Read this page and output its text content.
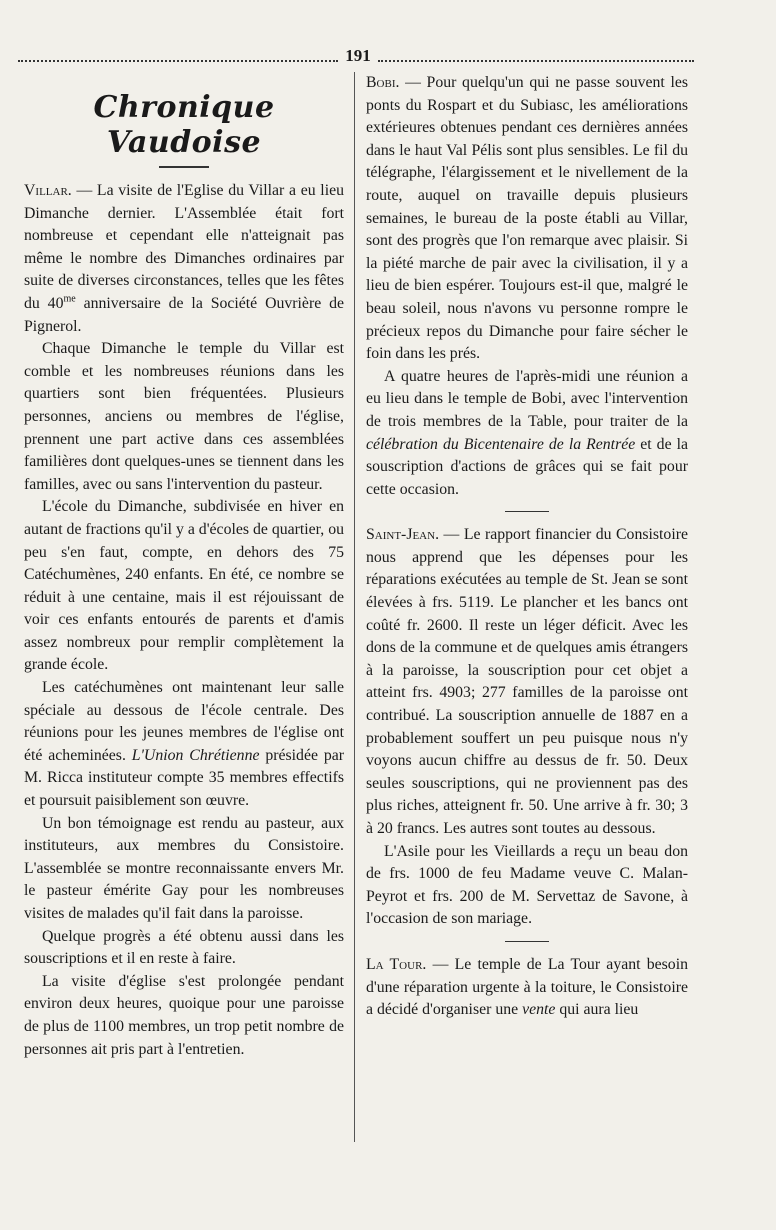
191
Chronique Vaudoise

Villar. — La visite de l'Eglise du Villar a eu lieu Dimanche dernier. L'Assemblée était fort nombreuse et cependant elle n'atteignait pas même le nombre des Dimanches ordinaires par suite de diverses circonstances, telles que les fêtes du $40^{me}$ anniversaire de la Société Ouvrière de Pignerol.

Chaque Dimanche le temple du Villar est comble et les nombreuses réunions dans les quartiers sont bien fréquentées. Plusieurs personnes, anciens ou membres de l'église, prennent une part active dans ces assemblées familières dont quelques-unes se tiennent dans les familles, avec ou sans l'intervention du pasteur.

L'école du Dimanche, subdivisée en hiver en autant de fractions qu'il y a d'écoles de quartier, ou peu s'en faut, compte, en dehors des 75 Catéchumènes, 240 enfants. En été, ce nombre se réduit à une centaine, mais il est réjouissant de voir ces enfants entourés de parents et d'amis assez nombreux pour remplir complètement la grande école.

Les catéchumènes ont maintenant leur salle spéciale au dessous de l'école centrale. Des réunions pour les jeunes membres de l'église ont été acheminées. L'Union Chrétienne présidée par M. Ricca instituteur compte 35 membres effectifs et poursuit paisiblement son œuvre.

Un bon témoignage est rendu au pasteur, aux instituteurs, aux membres du Consistoire. L'assemblée se montre reconnaissante envers Mr. le pasteur émérite Gay pour les nombreuses visites de malades qu'il fait dans la paroisse.

Quelque progrès a été obtenu aussi dans les souscriptions et il en reste à faire.

La visite d'église s'est prolongée pendant environ deux heures, quoique pour une paroisse de plus de 1100 membres, un trop petit nombre de personnes ait pris part à l'entretien.

Bobi. — Pour quelqu'un qui ne passe souvent les ponts du Rospart et du Subiasc, les améliorations extérieures obtenues pendant ces dernières années dans le haut Val Pélis sont plus sensibles. Le fil du télégraphe, l'élargissement et le nivellement de la route, auquel on travaille depuis plusieurs semaines, le bureau de la poste établi au Villar, sont des progrès que l'on remarque avec plaisir. Si la piété marche de pair avec la civilisation, il y a lieu de bien espérer. Toujours est-il que, malgré le beau soleil, nous n'avons vu personne rompre le précieux repos du Dimanche pour faire sécher le foin dans les prés.

A quatre heures de l'après-midi une réunion a eu lieu dans le temple de Bobi, avec l'intervention de trois membres de la Table, pour traiter de la célébration du Bicentenaire de la Rentrée et de la souscription d'actions de grâces qui se fait pour cette occasion.

Saint-Jean. — Le rapport financier du Consistoire nous apprend que les dépenses pour les réparations exécutées au temple de St. Jean se sont élevées à frs. 5119. Le plancher et les bancs ont coûté fr. 2600. Il reste un léger déficit. Avec les dons de la commune et de quelques amis étrangers à la paroisse, la souscription pour cet objet a atteint frs. 4903; 277 familles de la paroisse ont contribué. La souscription annuelle de 1887 en a probablement souffert un peu puisque nous n'y voyons aucun chiffre au dessus de fr. 50. Deux seules souscriptions, qui ne proviennent pas des plus riches, atteignent fr. 50. Une arrive à fr. 30; 3 à 20 francs. Les autres sont toutes au dessous.

L'Asile pour les Vieillards a reçu un beau don de frs. 1000 de feu Madame veuve C. Malan-Peyrot et frs. 200 de M. Servettaz de Savone, à l'occasion de son mariage.

La Tour. — Le temple de La Tour ayant besoin d'une réparation urgente à la toiture, le Consistoire a décidé d'organiser une vente qui aura lieu
